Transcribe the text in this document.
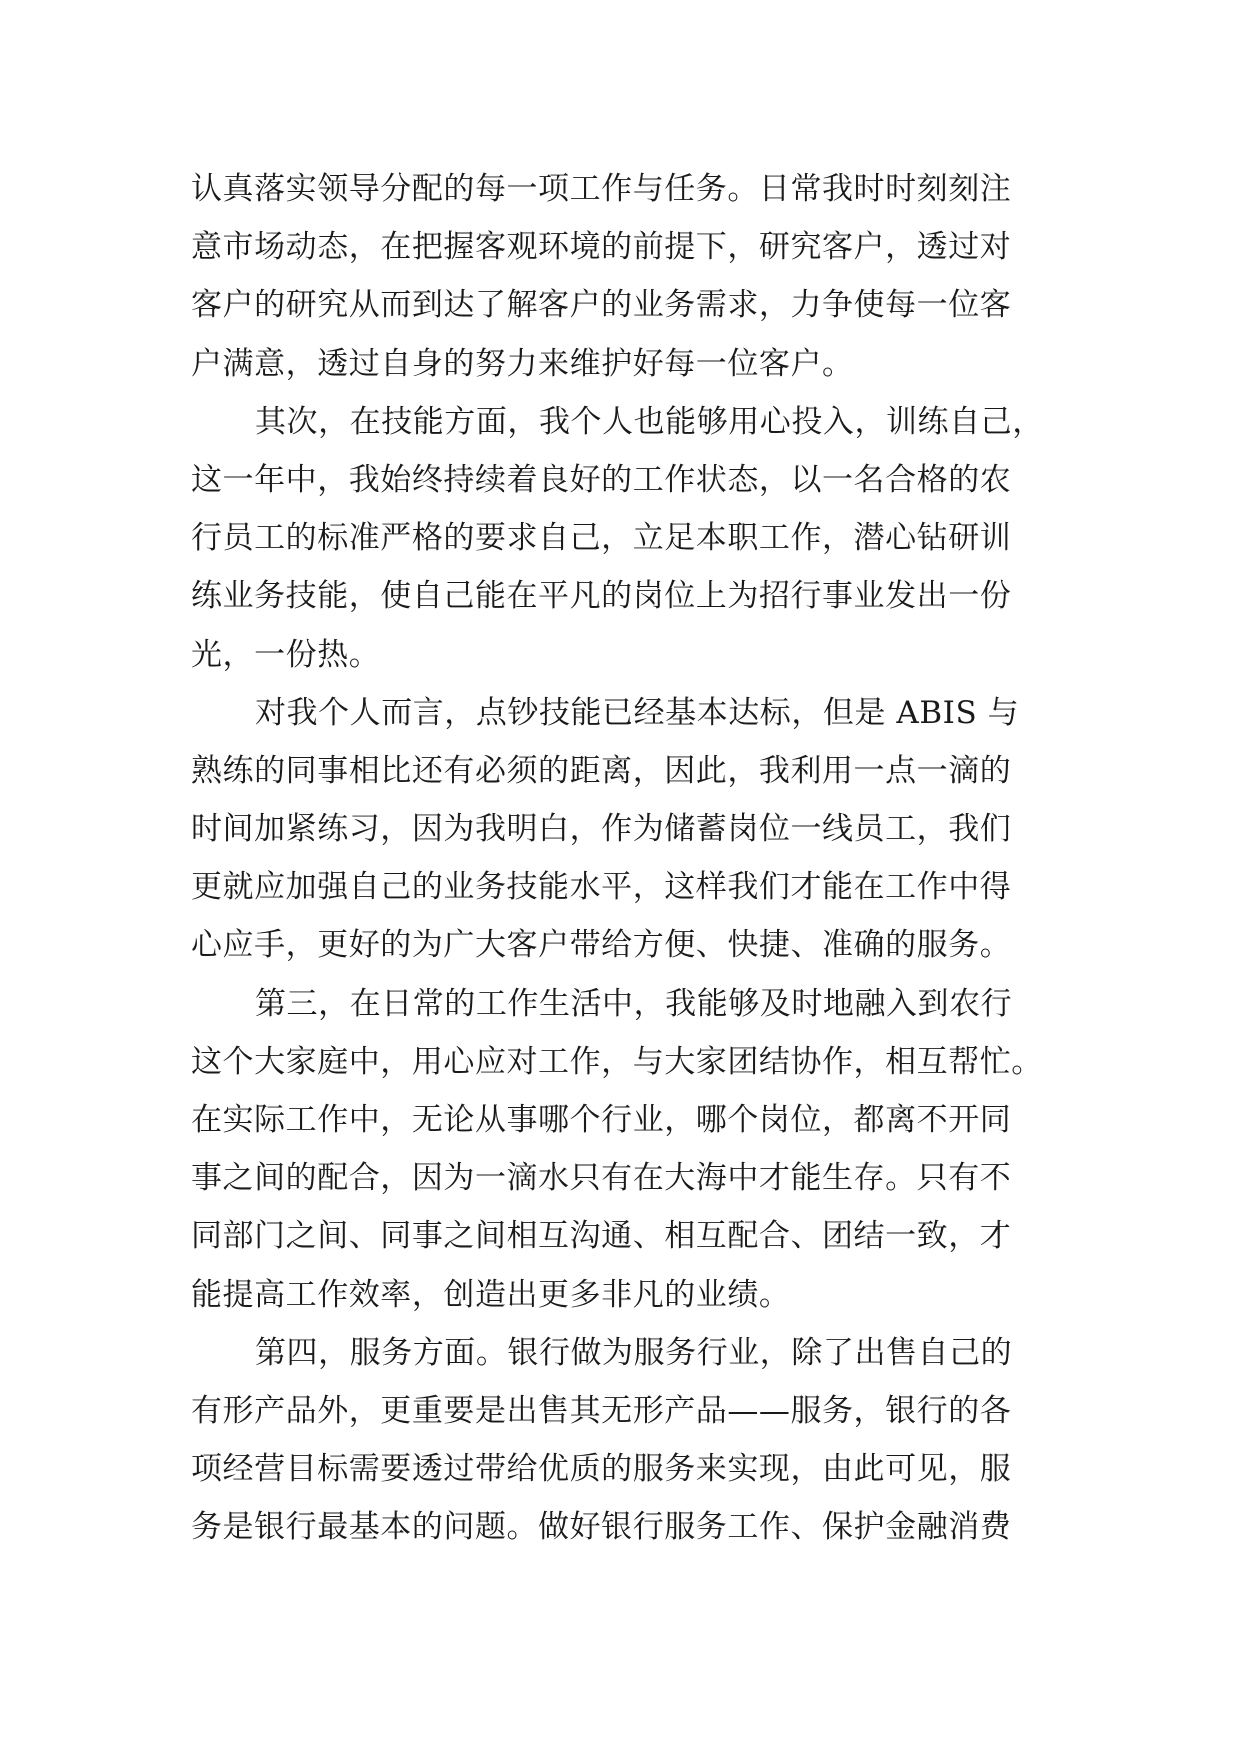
认真落实领导分配的每一项工作与任务。日常我时时刻刻注
意市场动态，在把握客观环境的前提下，研究客户，透过对
客户的研究从而到达了解客户的业务需求，力争使每一位客
户满意，透过自身的努力来维护好每一位客户。
其次，在技能方面，我个人也能够用心投入，训练自己，
这一年中，我始终持续着良好的工作状态，以一名合格的农
行员工的标准严格的要求自己，立足本职工作，潜心钻研训
练业务技能，使自己能在平凡的岗位上为招行事业发出一份
光，一份热。
对我个人而言，点钞技能已经基本达标，但是 ABIS 与
熟练的同事相比还有必须的距离，因此，我利用一点一滴的
时间加紧练习，因为我明白，作为储蓄岗位一线员工，我们
更就应加强自己的业务技能水平，这样我们才能在工作中得
心应手，更好的为广大客户带给方便、快捷、准确的服务。
第三，在日常的工作生活中，我能够及时地融入到农行
这个大家庭中，用心应对工作，与大家团结协作，相互帮忙。
在实际工作中，无论从事哪个行业，哪个岗位，都离不开同
事之间的配合，因为一滴水只有在大海中才能生存。只有不
同部门之间、同事之间相互沟通、相互配合、团结一致，才
能提高工作效率，创造出更多非凡的业绩。
第四，服务方面。银行做为服务行业，除了出售自己的
有形产品外，更重要是出售其无形产品——服务，银行的各
项经营目标需要透过带给优质的服务来实现，由此可见，服
务是银行最基本的问题。做好银行服务工作、保护金融消费
